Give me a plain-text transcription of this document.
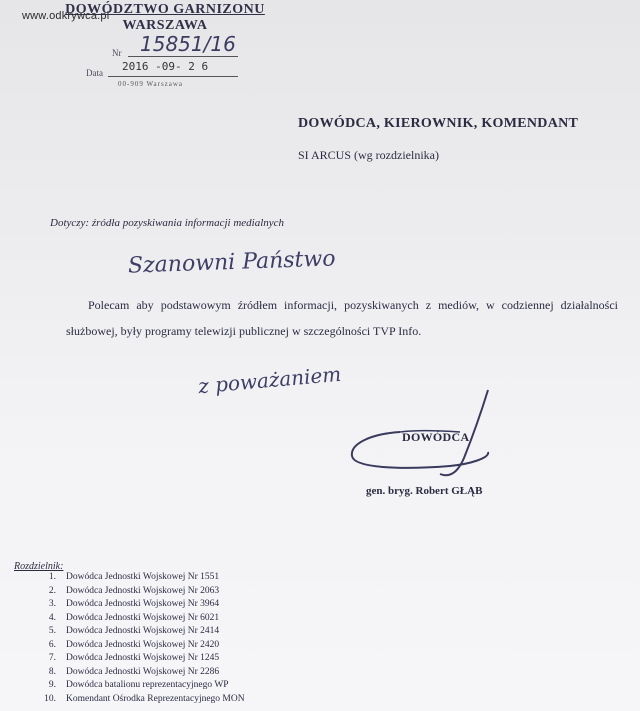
www.odkrywca.pl
DOWÓDZTWO GARNIZONU
WARSZAWA
Nr 15851/16
Data 2016 -09- 2 6
00-909 Warszawa
DOWÓDCA, KIEROWNIK, KOMENDANT
SI ARCUS (wg rozdzielnika)
Dotyczy: źródła pozyskiwania informacji medialnych
Szanowni Państwo
Polecam aby podstawowym źródłem informacji, pozyskiwanych z mediów, w codziennej działalności służbowej, były programy telewizji publicznej w szczególności TVP Info.
z poważaniem
DOWÓDCA
gen. bryg. Robert GŁĄB
Rozdzielnik:
1.	Dowódca Jednostki Wojskowej Nr 1551
2.	Dowódca Jednostki Wojskowej Nr 2063
3.	Dowódca Jednostki Wojskowej Nr 3964
4.	Dowódca Jednostki Wojskowej Nr 6021
5.	Dowódca Jednostki Wojskowej Nr 2414
6.	Dowódca Jednostki Wojskowej Nr 2420
7.	Dowódca Jednostki Wojskowej Nr 1245
8.	Dowódca Jednostki Wojskowej Nr 2286
9.	Dowódca batalionu reprezentacyjnego WP
10.	Komendant Ośrodka Reprezentacyjnego MON
